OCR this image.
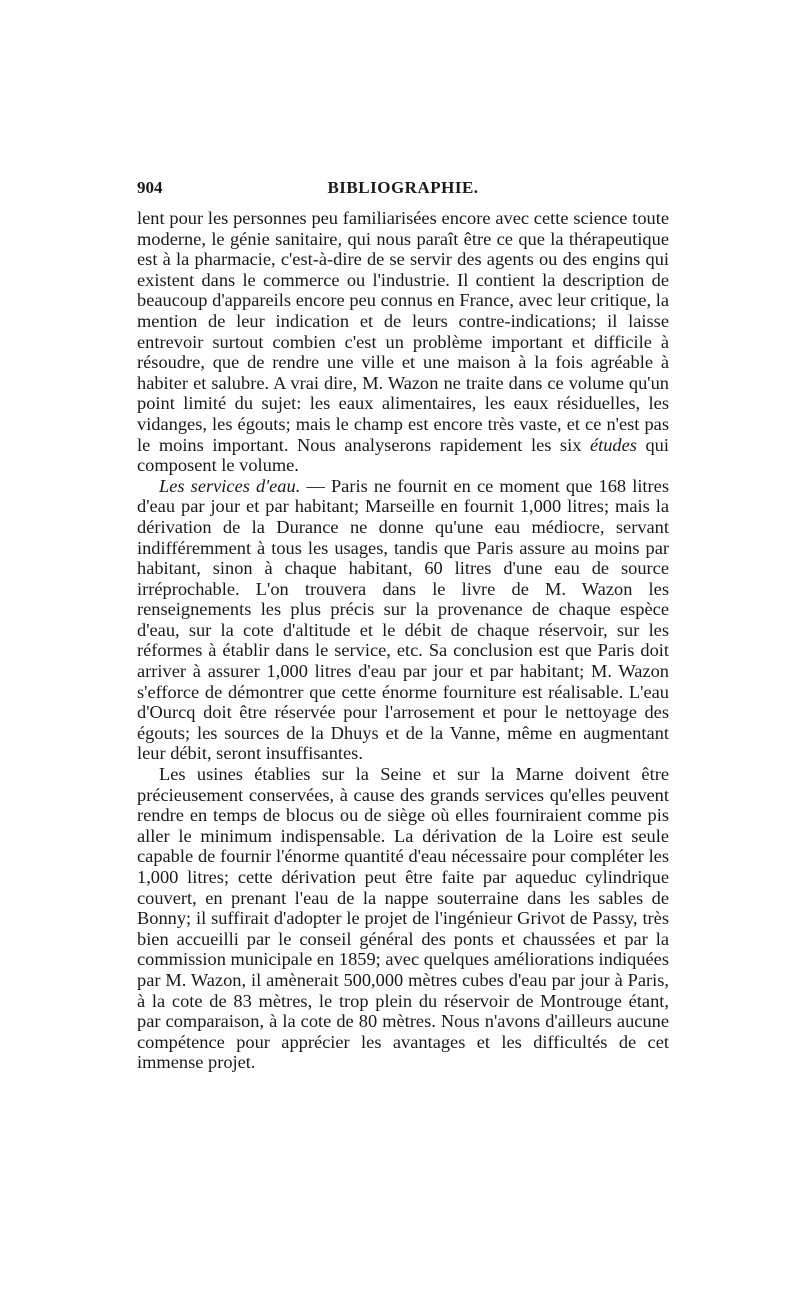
904	BIBLIOGRAPHIE.

lent pour les personnes peu familiarisées encore avec cette science toute moderne, le génie sanitaire, qui nous paraît être ce que la thérapeutique est à la pharmacie, c'est-à-dire de se servir des agents ou des engins qui existent dans le commerce ou l'industrie. Il contient la description de beaucoup d'appareils encore peu connus en France, avec leur critique, la mention de leur indication et de leurs contre-indications; il laisse entrevoir surtout combien c'est un problème important et difficile à résoudre, que de rendre une ville et une maison à la fois agréable à habiter et salubre. A vrai dire, M. Wazon ne traite dans ce volume qu'un point limité du sujet: les eaux alimentaires, les eaux résiduelles, les vidanges, les égouts; mais le champ est encore très vaste, et ce n'est pas le moins important. Nous analyserons rapidement les six études qui composent le volume.

Les services d'eau. — Paris ne fournit en ce moment que 168 litres d'eau par jour et par habitant; Marseille en fournit 1,000 litres; mais la dérivation de la Durance ne donne qu'une eau médiocre, servant indifféremment à tous les usages, tandis que Paris assure au moins par habitant, sinon à chaque habitant, 60 litres d'une eau de source irréprochable. L'on trouvera dans le livre de M. Wazon les renseignements les plus précis sur la provenance de chaque espèce d'eau, sur la cote d'altitude et le débit de chaque réservoir, sur les réformes à établir dans le service, etc. Sa conclusion est que Paris doit arriver à assurer 1,000 litres d'eau par jour et par habitant; M. Wazon s'efforce de démontrer que cette énorme fourniture est réalisable. L'eau d'Ourcq doit être réservée pour l'arrosement et pour le nettoyage des égouts; les sources de la Dhuys et de la Vanne, même en augmentant leur débit, seront insuffisantes.

Les usines établies sur la Seine et sur la Marne doivent être précieusement conservées, à cause des grands services qu'elles peuvent rendre en temps de blocus ou de siège où elles fourniraient comme pis aller le minimum indispensable. La dérivation de la Loire est seule capable de fournir l'énorme quantité d'eau nécessaire pour compléter les 1,000 litres; cette dérivation peut être faite par aqueduc cylindrique couvert, en prenant l'eau de la nappe souterraine dans les sables de Bonny; il suffirait d'adopter le projet de l'ingénieur Grivot de Passy, très bien accueilli par le conseil général des ponts et chaussées et par la commission municipale en 1859; avec quelques améliorations indiquées par M. Wazon, il amènerait 500,000 mètres cubes d'eau par jour à Paris, à la cote de 83 mètres, le trop plein du réservoir de Montrouge étant, par comparaison, à la cote de 80 mètres. Nous n'avons d'ailleurs aucune compétence pour apprécier les avantages et les difficultés de cet immense projet.
